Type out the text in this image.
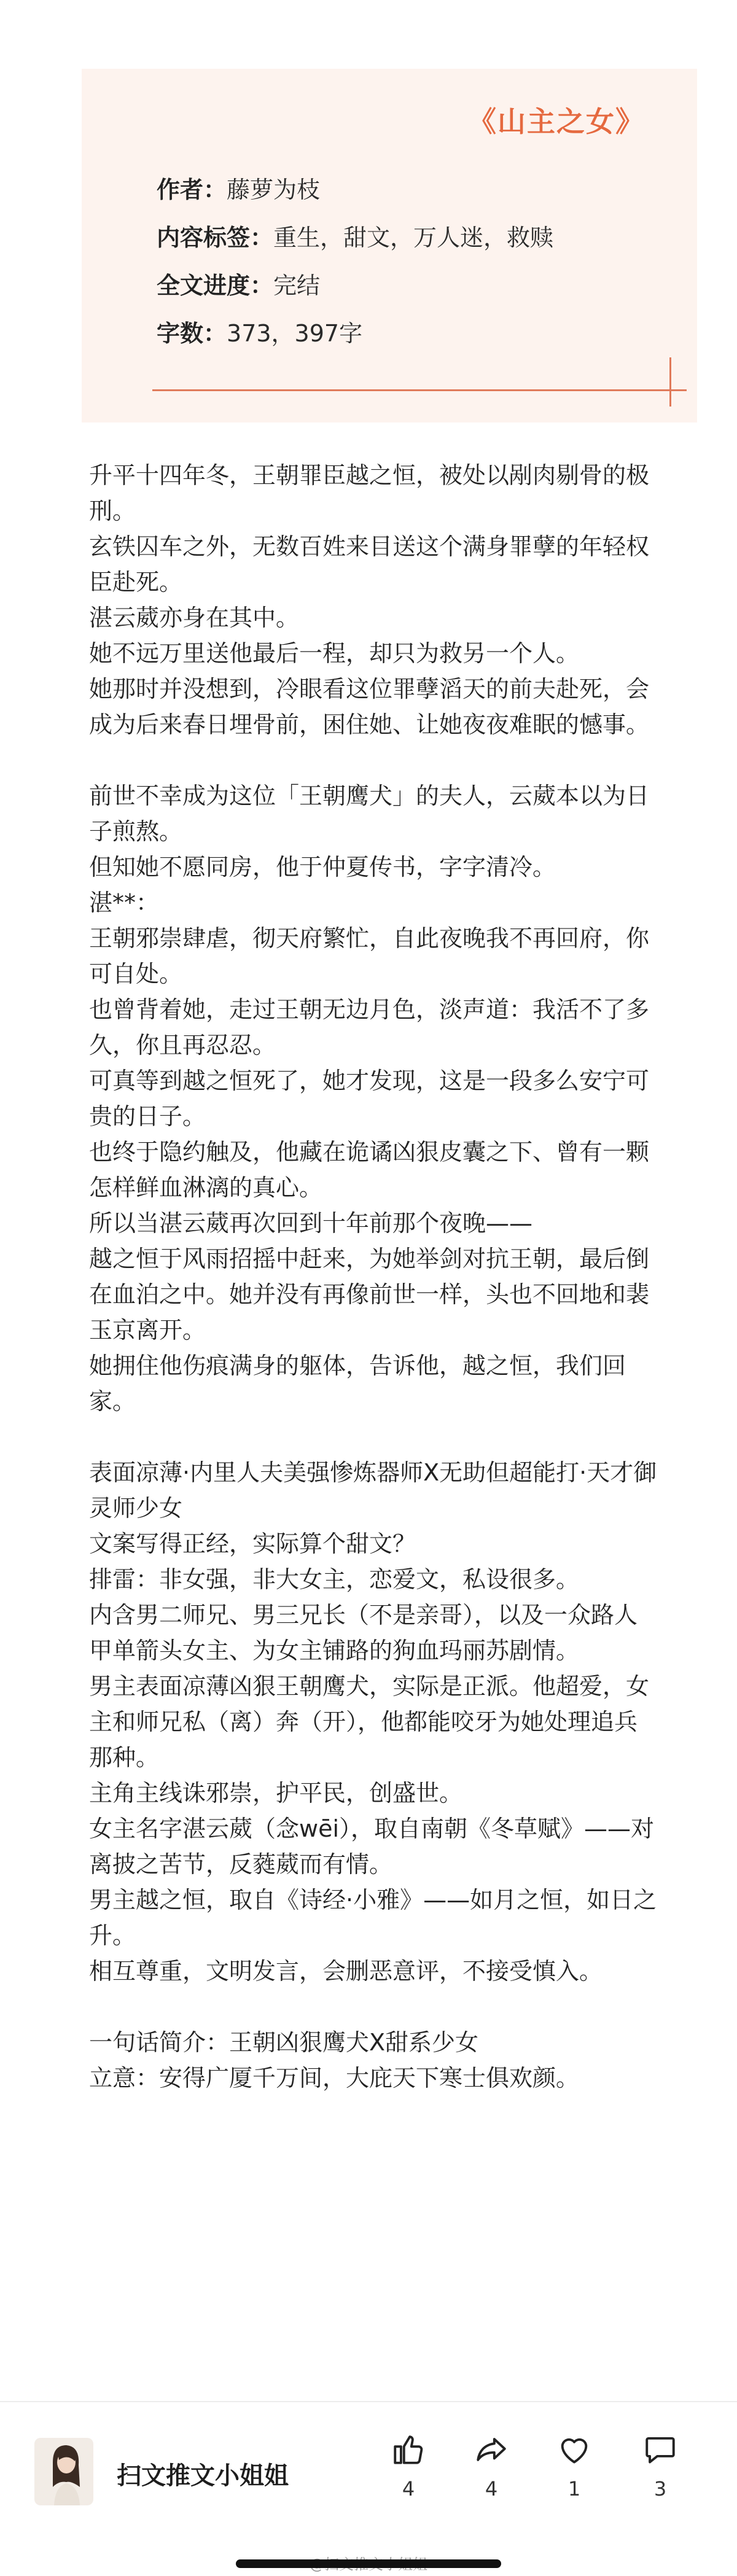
《山主之女》
作者：藤萝为枝
内容标签：重生，甜文，万人迷，救赎
全文进度：完结
字数：373，397字

升平十四年冬，王朝罪臣越之恒，被处以剐肉剔骨的极刑。

玄铁囚车之外，无数百姓来目送这个满身罪孽的年轻权臣赴死。

湛云葳亦身在其中。

她不远万里送他最后一程，却只为救另一个人。

她那时并没想到，冷眼看这位罪孽滔天的前夫赴死，会成为后来春日埋骨前，困住她、让她夜夜难眠的憾事。

前世不幸成为这位「王朝鹰犬」的夫人，云葳本以为日子煎熬。

但知她不愿同房，他于仲夏传书，字字清冷。

湛**：

王朝邪崇肆虐，彻天府繁忙，自此夜晚我不再回府，你可自处。

也曾背着她，走过王朝无边月色，淡声道：我活不了多久，你且再忍忍。

可真等到越之恒死了，她才发现，这是一段多么安宁可贵的日子。

也终于隐约触及，他藏在诡谲凶狠皮囊之下、曾有一颗怎样鲜血淋漓的真心。

所以当湛云葳再次回到十年前那个夜晚——

越之恒于风雨招摇中赶来，为她举剑对抗王朝，最后倒在血泊之中。她并没有再像前世一样，头也不回地和裴玉京离开。

她拥住他伤痕满身的躯体，告诉他，越之恒，我们回家。

表面凉薄·内里人夫美强惨炼器师X无助但超能打·天才御灵师少女

文案写得正经，实际算个甜文？

排雷：非女强，非大女主，恋爱文，私设很多。

内含男二师兄、男三兄长（不是亲哥），以及一众路人甲单箭头女主、为女主铺路的狗血玛丽苏剧情。

男主表面凉薄凶狠王朝鹰犬，实际是正派。他超爱，女主和师兄私（离）奔（开），他都能咬牙为她处理追兵那种。

主角主线诛邪崇，护平民，创盛世。

女主名字湛云葳（念wēi），取自南朝《冬草赋》——对离披之苦节，反蕤葳而有情。

男主越之恒，取自《诗经·小雅》——如月之恒，如日之升。

相互尊重，文明发言，会删恶意评，不接受慎入。

一句话简介：王朝凶狠鹰犬X甜系少女

立意：安得广厦千万间，大庇天下寒士俱欢颜。

扫文推文小姐姐	4	4	1	3
